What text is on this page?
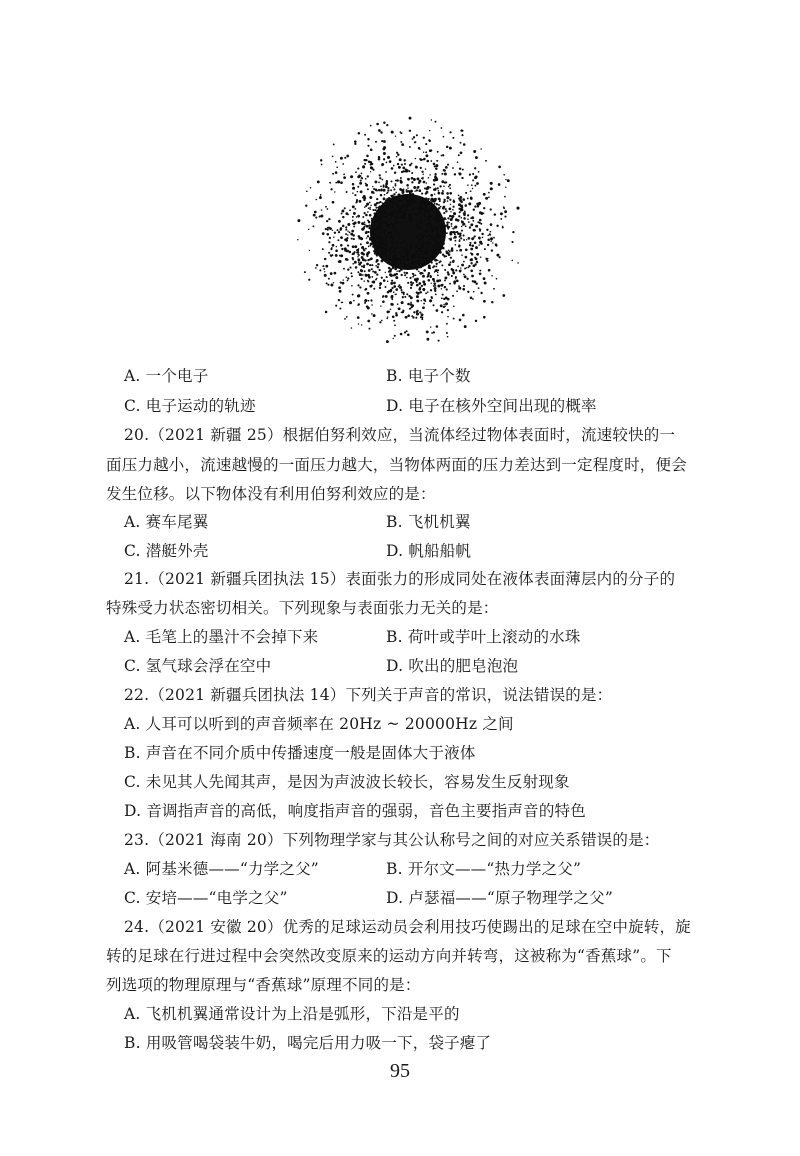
A. 一个电子	B. 电子个数
C. 电子运动的轨迹	D. 电子在核外空间出现的概率
20.（2021 新疆 25）根据伯努利效应，当流体经过物体表面时，流速较快的一
面压力越小，流速越慢的一面压力越大，当物体两面的压力差达到一定程度时，便会
发生位移。以下物体没有利用伯努利效应的是：
A. 赛车尾翼	B. 飞机机翼
C. 潜艇外壳	D. 帆船船帆
21.（2021 新疆兵团执法 15）表面张力的形成同处在液体表面薄层内的分子的
特殊受力状态密切相关。下列现象与表面张力无关的是：
A. 毛笔上的墨汁不会掉下来	B. 荷叶或芋叶上滚动的水珠
C. 氢气球会浮在空中	D. 吹出的肥皂泡泡
22.（2021 新疆兵团执法 14）下列关于声音的常识，说法错误的是：
A. 人耳可以听到的声音频率在 20Hz ~ 20000Hz 之间
B. 声音在不同介质中传播速度一般是固体大于液体
C. 未见其人先闻其声，是因为声波波长较长，容易发生反射现象
D. 音调指声音的高低，响度指声音的强弱，音色主要指声音的特色
23.（2021 海南 20）下列物理学家与其公认称号之间的对应关系错误的是：
A. 阿基米德——“力学之父”	B. 开尔文——“热力学之父”
C. 安培——“电学之父”	D. 卢瑟福——“原子物理学之父”
24.（2021 安徽 20）优秀的足球运动员会利用技巧使踢出的足球在空中旋转，旋
转的足球在行进过程中会突然改变原来的运动方向并转弯，这被称为“香蕉球”。下
列选项的物理原理与“香蕉球”原理不同的是：
A. 飞机机翼通常设计为上沿是弧形，下沿是平的
B. 用吸管喝袋装牛奶，喝完后用力吸一下，袋子瘪了
95
